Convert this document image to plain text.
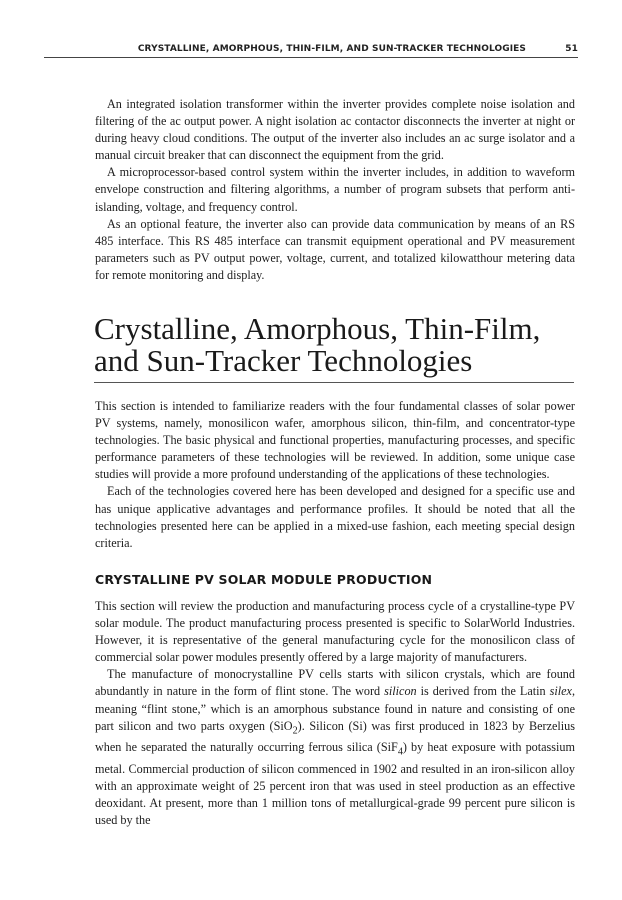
CRYSTALLINE, AMORPHOUS, THIN-FILM, AND SUN-TRACKER TECHNOLOGIES	51

An integrated isolation transformer within the inverter provides complete noise isolation and filtering of the ac output power. A night isolation ac contactor disconnects the inverter at night or during heavy cloud conditions. The output of the inverter also includes an ac surge isolator and a manual circuit breaker that can disconnect the equipment from the grid.

A microprocessor-based control system within the inverter includes, in addition to waveform envelope construction and filtering algorithms, a number of program subsets that perform anti-islanding, voltage, and frequency control.

As an optional feature, the inverter also can provide data communication by means of an RS 485 interface. This RS 485 interface can transmit equipment operational and PV measurement parameters such as PV output power, voltage, current, and totalized kilowatthour metering data for remote monitoring and display.

Crystalline, Amorphous, Thin-Film,
and Sun-Tracker Technologies

This section is intended to familiarize readers with the four fundamental classes of solar power PV systems, namely, monosilicon wafer, amorphous silicon, thin-film, and concentrator-type technologies. The basic physical and functional properties, manufacturing processes, and specific performance parameters of these technologies will be reviewed. In addition, some unique case studies will provide a more profound understanding of the applications of these technologies.

Each of the technologies covered here has been developed and designed for a specific use and has unique applicative advantages and performance profiles. It should be noted that all the technologies presented here can be applied in a mixed-use fashion, each meeting special design criteria.

CRYSTALLINE PV SOLAR MODULE PRODUCTION

This section will review the production and manufacturing process cycle of a crystalline-type PV solar module. The product manufacturing process presented is specific to SolarWorld Industries. However, it is representative of the general manufacturing cycle for the monosilicon class of commercial solar power modules presently offered by a large majority of manufacturers.

The manufacture of monocrystalline PV cells starts with silicon crystals, which are found abundantly in nature in the form of flint stone. The word silicon is derived from the Latin silex, meaning “flint stone,” which is an amorphous substance found in nature and consisting of one part silicon and two parts oxygen (SiO$_2$). Silicon (Si) was first produced in 1823 by Berzelius when he separated the naturally occurring ferrous silica (SiF$_4$) by heat exposure with potassium metal. Commercial production of silicon commenced in 1902 and resulted in an iron-silicon alloy with an approximate weight of 25 percent iron that was used in steel production as an effective deoxidant. At present, more than 1 million tons of metallurgical-grade 99 percent pure silicon is used by the
